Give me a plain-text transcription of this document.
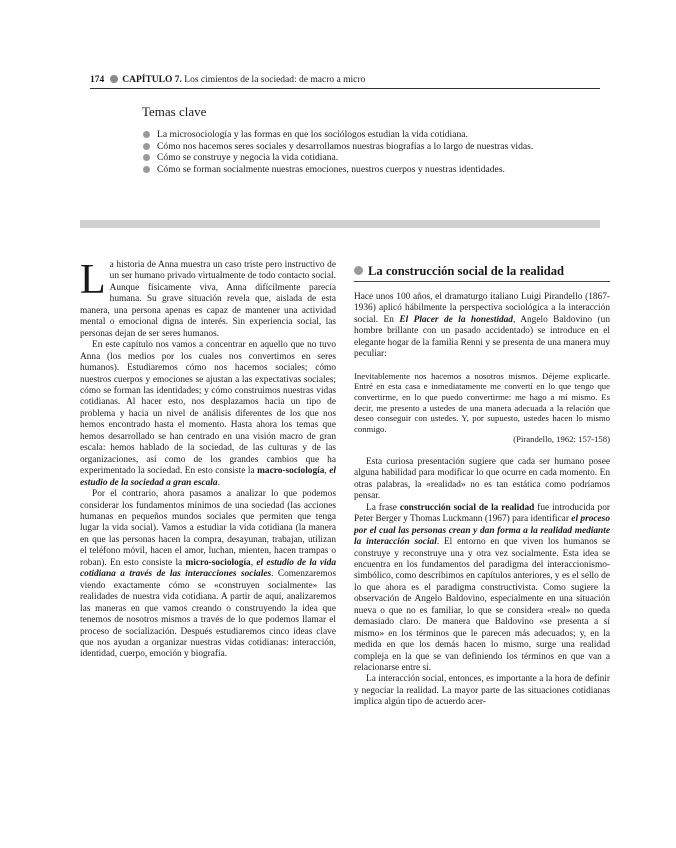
174 CAPÍTULO 7. Los cimientos de la sociedad: de macro a micro
Temas clave
La microsociología y las formas en que los sociólogos estudian la vida cotidiana.
Cómo nos hacemos seres sociales y desarrollamos nuestras biografías a lo largo de nuestras vidas.
Cómo se construye y negocia la vida cotidiana.
Cómo se forman socialmente nuestras emociones, nuestros cuerpos y nuestras identidades.

La historia de Anna muestra un caso triste pero instructivo de un ser humano privado virtualmente de todo contacto social. Aunque físicamente viva, Anna difícilmente parecía humana. Su grave situación revela que, aislada de esta manera, una persona apenas es capaz de mantener una actividad mental o emocional digna de interés. Sin experiencia social, las personas dejan de ser seres humanos.

En este capítulo nos vamos a concentrar en aquello que no tuvo Anna (los medios por los cuales nos convertimos en seres humanos). Estudiaremos cómo nos hacemos sociales; cómo nuestros cuerpos y emociones se ajustan a las expectativas sociales; cómo se forman las identidades; y cómo construimos nuestras vidas cotidianas. Al hacer esto, nos desplazamos hacia un tipo de problema y hacia un nivel de análisis diferentes de los que nos hemos encontrado hasta el momento. Hasta ahora los temas que hemos desarrollado se han centrado en una visión macro de gran escala: hemos hablado de la sociedad, de las culturas y de las organizaciones, así como de los grandes cambios que ha experimentado la sociedad. En esto consiste la macro-sociología, el estudio de la sociedad a gran escala.

Por el contrario, ahora pasamos a analizar lo que podemos considerar los fundamentos mínimos de una sociedad (las acciones humanas en pequeños mundos sociales que permiten que tenga lugar la vida social). Vamos a estudiar la vida cotidiana (la manera en que las personas hacen la compra, desayunan, trabajan, utilizan el teléfono móvil, hacen el amor, luchan, mienten, hacen trampas o roban). En esto consiste la micro-sociología, el estudio de la vida cotidiana a través de las interacciones sociales. Comenzaremos viendo exactamente cómo se «construyen socialmente» las realidades de nuestra vida cotidiana. A partir de aquí, analizaremos las maneras en que vamos creando o construyendo la idea que tenemos de nosotros mismos a través de lo que podemos llamar el proceso de socialización. Después estudiaremos cinco ideas clave que nos ayudan a organizar nuestras vidas cotidianas: interacción, identidad, cuerpo, emoción y biografía.

La construcción social de la realidad

Hace unos 100 años, el dramaturgo italiano Luigi Pirandello (1867-1936) aplicó hábilmente la perspectiva sociológica a la interacción social. En El Placer de la honestidad, Angelo Baldovino (un hombre brillante con un pasado accidentado) se introduce en el elegante hogar de la familia Renni y se presenta de una manera muy peculiar:

Inevitablemente nos hacemos a nosotros mismos. Déjeme explicarle. Entré en esta casa e inmediatamente me convertí en lo que tengo que convertirme, en lo que puedo convertirme: me hago a mí mismo. Es decir, me presento a ustedes de una manera adecuada a la relación que deseo conseguir con ustedes. Y, por supuesto, ustedes hacen lo mismo conmigo.

(Pirandello, 1962: 157-158)

Esta curiosa presentación sugiere que cada ser humano posee alguna habilidad para modificar lo que ocurre en cada momento. En otras palabras, la «realidad» no es tan estática como podríamos pensar.

La frase construcción social de la realidad fue introducida por Peter Berger y Thomas Luckmann (1967) para identificar el proceso por el cual las personas crean y dan forma a la realidad mediante la interacción social. El entorno en que viven los humanos se construye y reconstruye una y otra vez socialmente. Esta idea se encuentra en los fundamentos del paradigma del interaccionismo-simbólico, como describimos en capítulos anteriores, y es el sello de lo que ahora es el paradigma constructivista. Como sugiere la observación de Angelo Baldovino, especialmente en una situación nueva o que no es familiar, lo que se considera «real» no queda demasiado claro. De manera que Baldovino «se presenta a sí mismo» en los términos que le parecen más adecuados; y, en la medida en que los demás hacen lo mismo, surge una realidad compleja en la que se van definiendo los términos en que van a relacionarse entre sí.

La interacción social, entonces, es importante a la hora de definir y negociar la realidad. La mayor parte de las situaciones cotidianas implica algún tipo de acuerdo acer-
